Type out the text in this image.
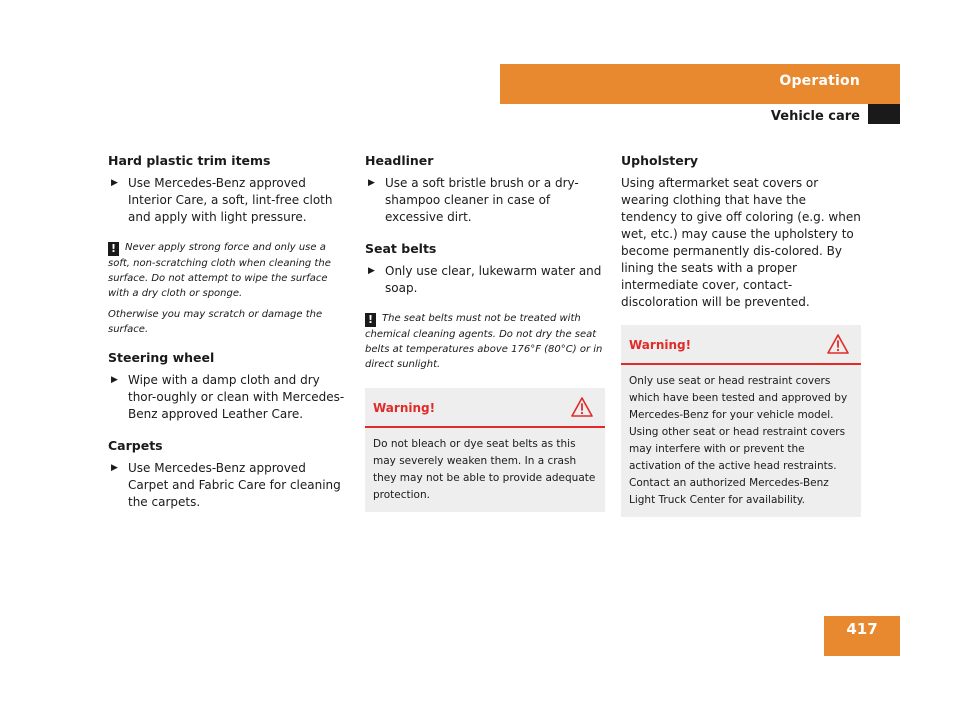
Operation
Vehicle care
Hard plastic trim items
▶ Use Mercedes-Benz approved Interior Care, a soft, lint-free cloth and apply with light pressure.

! Never apply strong force and only use a soft, non-scratching cloth when cleaning the surface. Do not attempt to wipe the surface with a dry cloth or sponge.

Otherwise you may scratch or damage the surface.

Steering wheel
▶ Wipe with a damp cloth and dry thor-oughly or clean with Mercedes-Benz approved Leather Care.
Carpets
▶ Use Mercedes-Benz approved Carpet and Fabric Care for cleaning the carpets.
Headliner
▶ Use a soft bristle brush or a dry-shampoo cleaner in case of excessive dirt.
Seat belts
▶ Only use clear, lukewarm water and soap.

! The seat belts must not be treated with chemical cleaning agents. Do not dry the seat belts at temperatures above 176°F (80°C) or in direct sunlight.

Warning!
Do not bleach or dye seat belts as this may severely weaken them. In a crash they may not be able to provide adequate protection.
Upholstery
Using aftermarket seat covers or wearing clothing that have the tendency to give off coloring (e.g. when wet, etc.) may cause the upholstery to become permanently dis-colored. By lining the seats with a proper intermediate cover, contact-discoloration will be prevented.
Warning!
Only use seat or head restraint covers which have been tested and approved by Mercedes-Benz for your vehicle model. Using other seat or head restraint covers may interfere with or prevent the activation of the active head restraints. Contact an authorized Mercedes-Benz Light Truck Center for availability.
417
